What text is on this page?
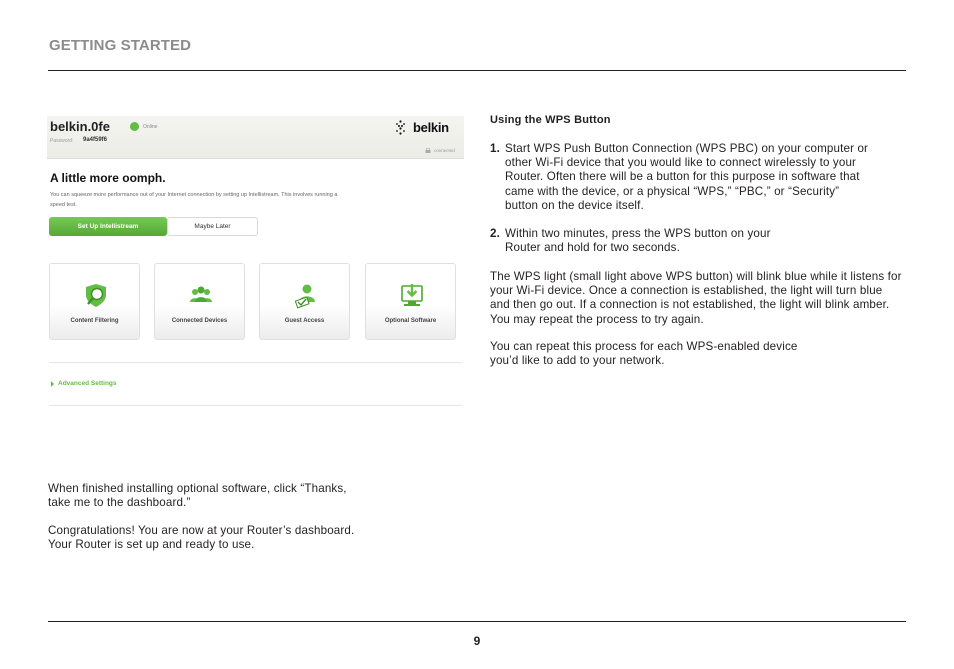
GETTING STARTED
belkin.0fe	Online
Password: 9a4f59f6
belkin
connected
A little more oomph.
You can squeeze more performance out of your Internet connection by setting up Intellistream. This involves running a speed test.
Set Up Intellistream	Maybe Later
Content Filtering	Connected Devices	Guest Access	Optional Software
Advanced Settings

When finished installing optional software, click “Thanks, take me to the dashboard.”

Congratulations! You are now at your Router’s dashboard. Your Router is set up and ready to use.

Using the WPS Button
1. Start WPS Push Button Connection (WPS PBC) on your computer or other Wi-Fi device that you would like to connect wirelessly to your Router. Often there will be a button for this purpose in software that came with the device, or a physical “WPS,” “PBC,” or “Security” button on the device itself.
2. Within two minutes, press the WPS button on your Router and hold for two seconds.

The WPS light (small light above WPS button) will blink blue while it listens for your Wi-Fi device. Once a connection is established, the light will turn blue and then go out. If a connection is not established, the light will blink amber. You may repeat the process to try again.

You can repeat this process for each WPS-enabled device you’d like to add to your network.

9
